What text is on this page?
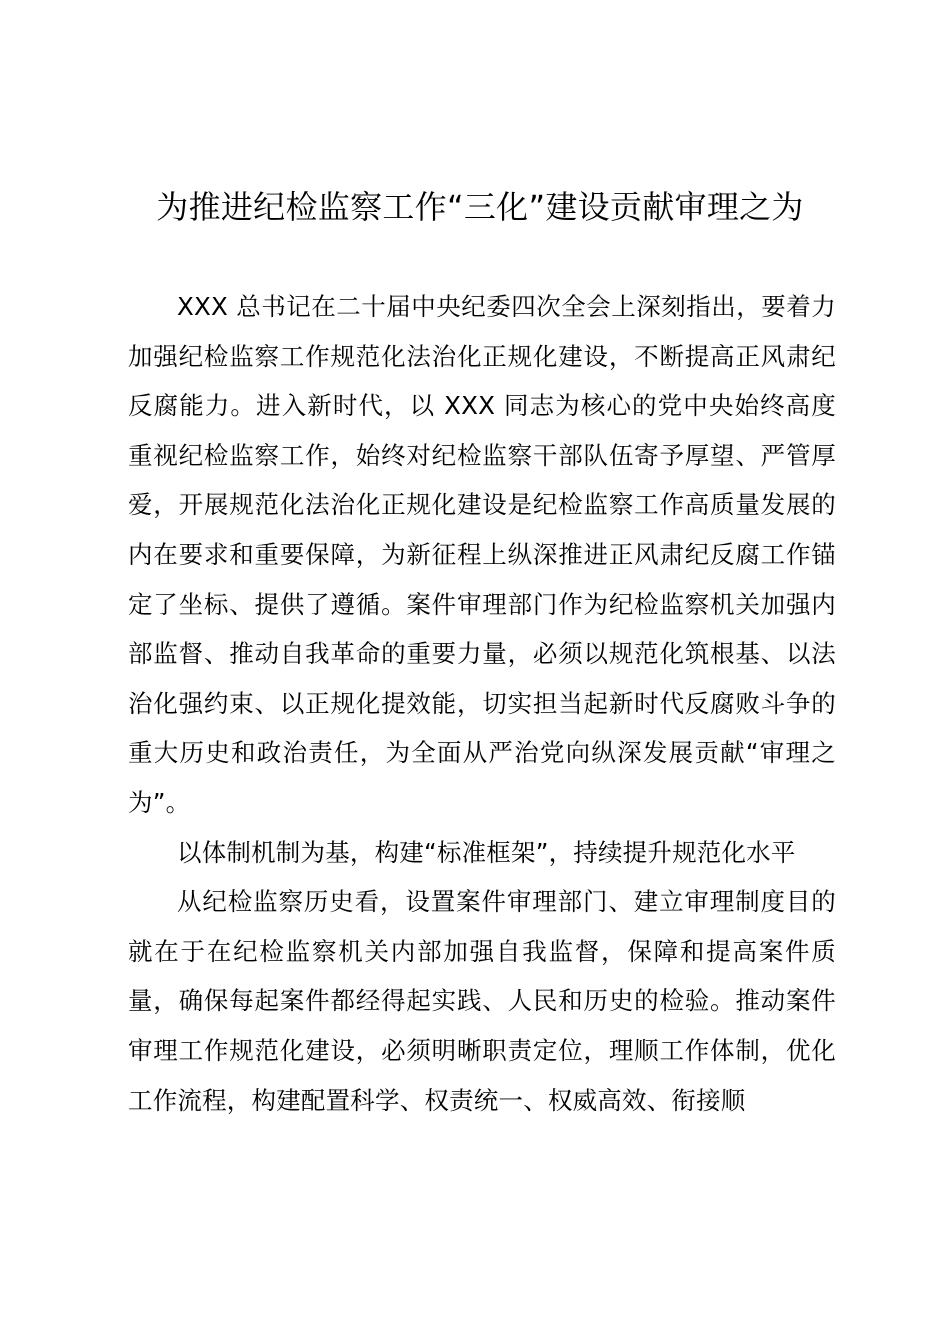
为推进纪检监察工作“三化”建设贡献审理之为

XXX 总书记在二十届中央纪委四次全会上深刻指出，要着力加强纪检监察工作规范化法治化正规化建设，不断提高正风肃纪反腐能力。进入新时代，以 XXX 同志为核心的党中央始终高度重视纪检监察工作，始终对纪检监察干部队伍寄予厚望、严管厚爱，开展规范化法治化正规化建设是纪检监察工作高质量发展的内在要求和重要保障，为新征程上纵深推进正风肃纪反腐工作锚定了坐标、提供了遵循。案件审理部门作为纪检监察机关加强内部监督、推动自我革命的重要力量，必须以规范化筑根基、以法治化强约束、以正规化提效能，切实担当起新时代反腐败斗争的重大历史和政治责任，为全面从严治党向纵深发展贡献“审理之为”。

以体制机制为基，构建“标准框架”，持续提升规范化水平

从纪检监察历史看，设置案件审理部门、建立审理制度目的就在于在纪检监察机关内部加强自我监督，保障和提高案件质量，确保每起案件都经得起实践、人民和历史的检验。推动案件审理工作规范化建设，必须明晰职责定位，理顺工作体制，优化工作流程，构建配置科学、权责统一、权威高效、衔接顺
